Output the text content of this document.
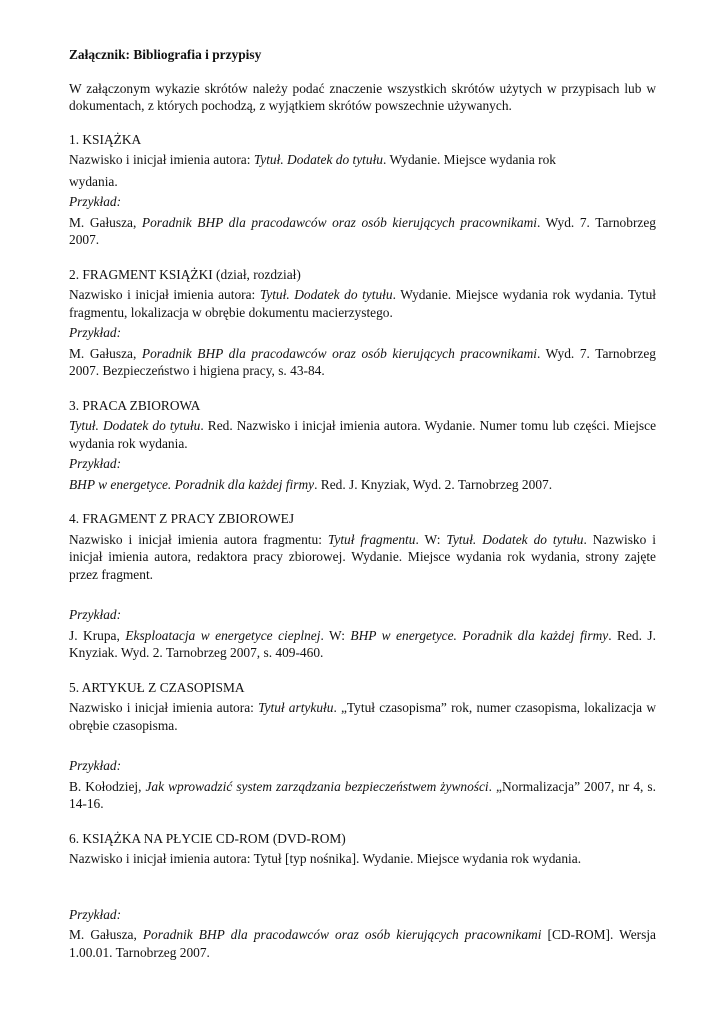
Załącznik: Bibliografia i przypisy

W załączonym wykazie skrótów należy podać znaczenie wszystkich skrótów użytych w przypisach lub w dokumentach, z których pochodzą, z wyjątkiem skrótów powszechnie używanych.

1. KSIĄŻKA

Nazwisko i inicjał imienia autora: Tytuł. Dodatek do tytułu. Wydanie. Miejsce wydania rok

wydania.

Przykład:

M. Gałusza, Poradnik BHP dla pracodawców oraz osób kierujących pracownikami. Wyd. 7. Tarnobrzeg 2007.

2. FRAGMENT KSIĄŻKI (dział, rozdział)

Nazwisko i inicjał imienia autora: Tytuł. Dodatek do tytułu. Wydanie. Miejsce wydania rok wydania. Tytuł fragmentu, lokalizacja w obrębie dokumentu macierzystego.

Przykład:

M. Gałusza, Poradnik BHP dla pracodawców oraz osób kierujących pracownikami. Wyd. 7. Tarnobrzeg 2007. Bezpieczeństwo i higiena pracy, s. 43-84.

3. PRACA ZBIOROWA

Tytuł. Dodatek do tytułu. Red. Nazwisko i inicjał imienia autora. Wydanie. Numer tomu lub części. Miejsce wydania rok wydania.

Przykład:

BHP w energetyce. Poradnik dla każdej firmy. Red. J. Knyziak, Wyd. 2. Tarnobrzeg 2007.

4. FRAGMENT Z PRACY ZBIOROWEJ

Nazwisko i inicjał imienia autora fragmentu: Tytuł fragmentu. W: Tytuł. Dodatek do tytułu. Nazwisko i inicjał imienia autora, redaktora pracy zbiorowej. Wydanie. Miejsce wydania rok wydania, strony zajęte przez fragment.

Przykład:

J. Krupa, Eksploatacja w energetyce cieplnej. W: BHP w energetyce. Poradnik dla każdej firmy. Red. J. Knyziak. Wyd. 2. Tarnobrzeg 2007, s. 409-460.

5. ARTYKUŁ Z CZASOPISMA

Nazwisko i inicjał imienia autora: Tytuł artykułu. „Tytuł czasopisma” rok, numer czasopisma, lokalizacja w obrębie czasopisma.

Przykład:

B. Kołodziej, Jak wprowadzić system zarządzania bezpieczeństwem żywności. „Normalizacja” 2007, nr 4, s. 14-16.

6. KSIĄŻKA NA PŁYCIE CD-ROM (DVD-ROM)

Nazwisko i inicjał imienia autora: Tytuł [typ nośnika]. Wydanie. Miejsce wydania rok wydania.

Przykład:

M. Gałusza, Poradnik BHP dla pracodawców oraz osób kierujących pracownikami [CD-ROM]. Wersja 1.00.01. Tarnobrzeg 2007.
